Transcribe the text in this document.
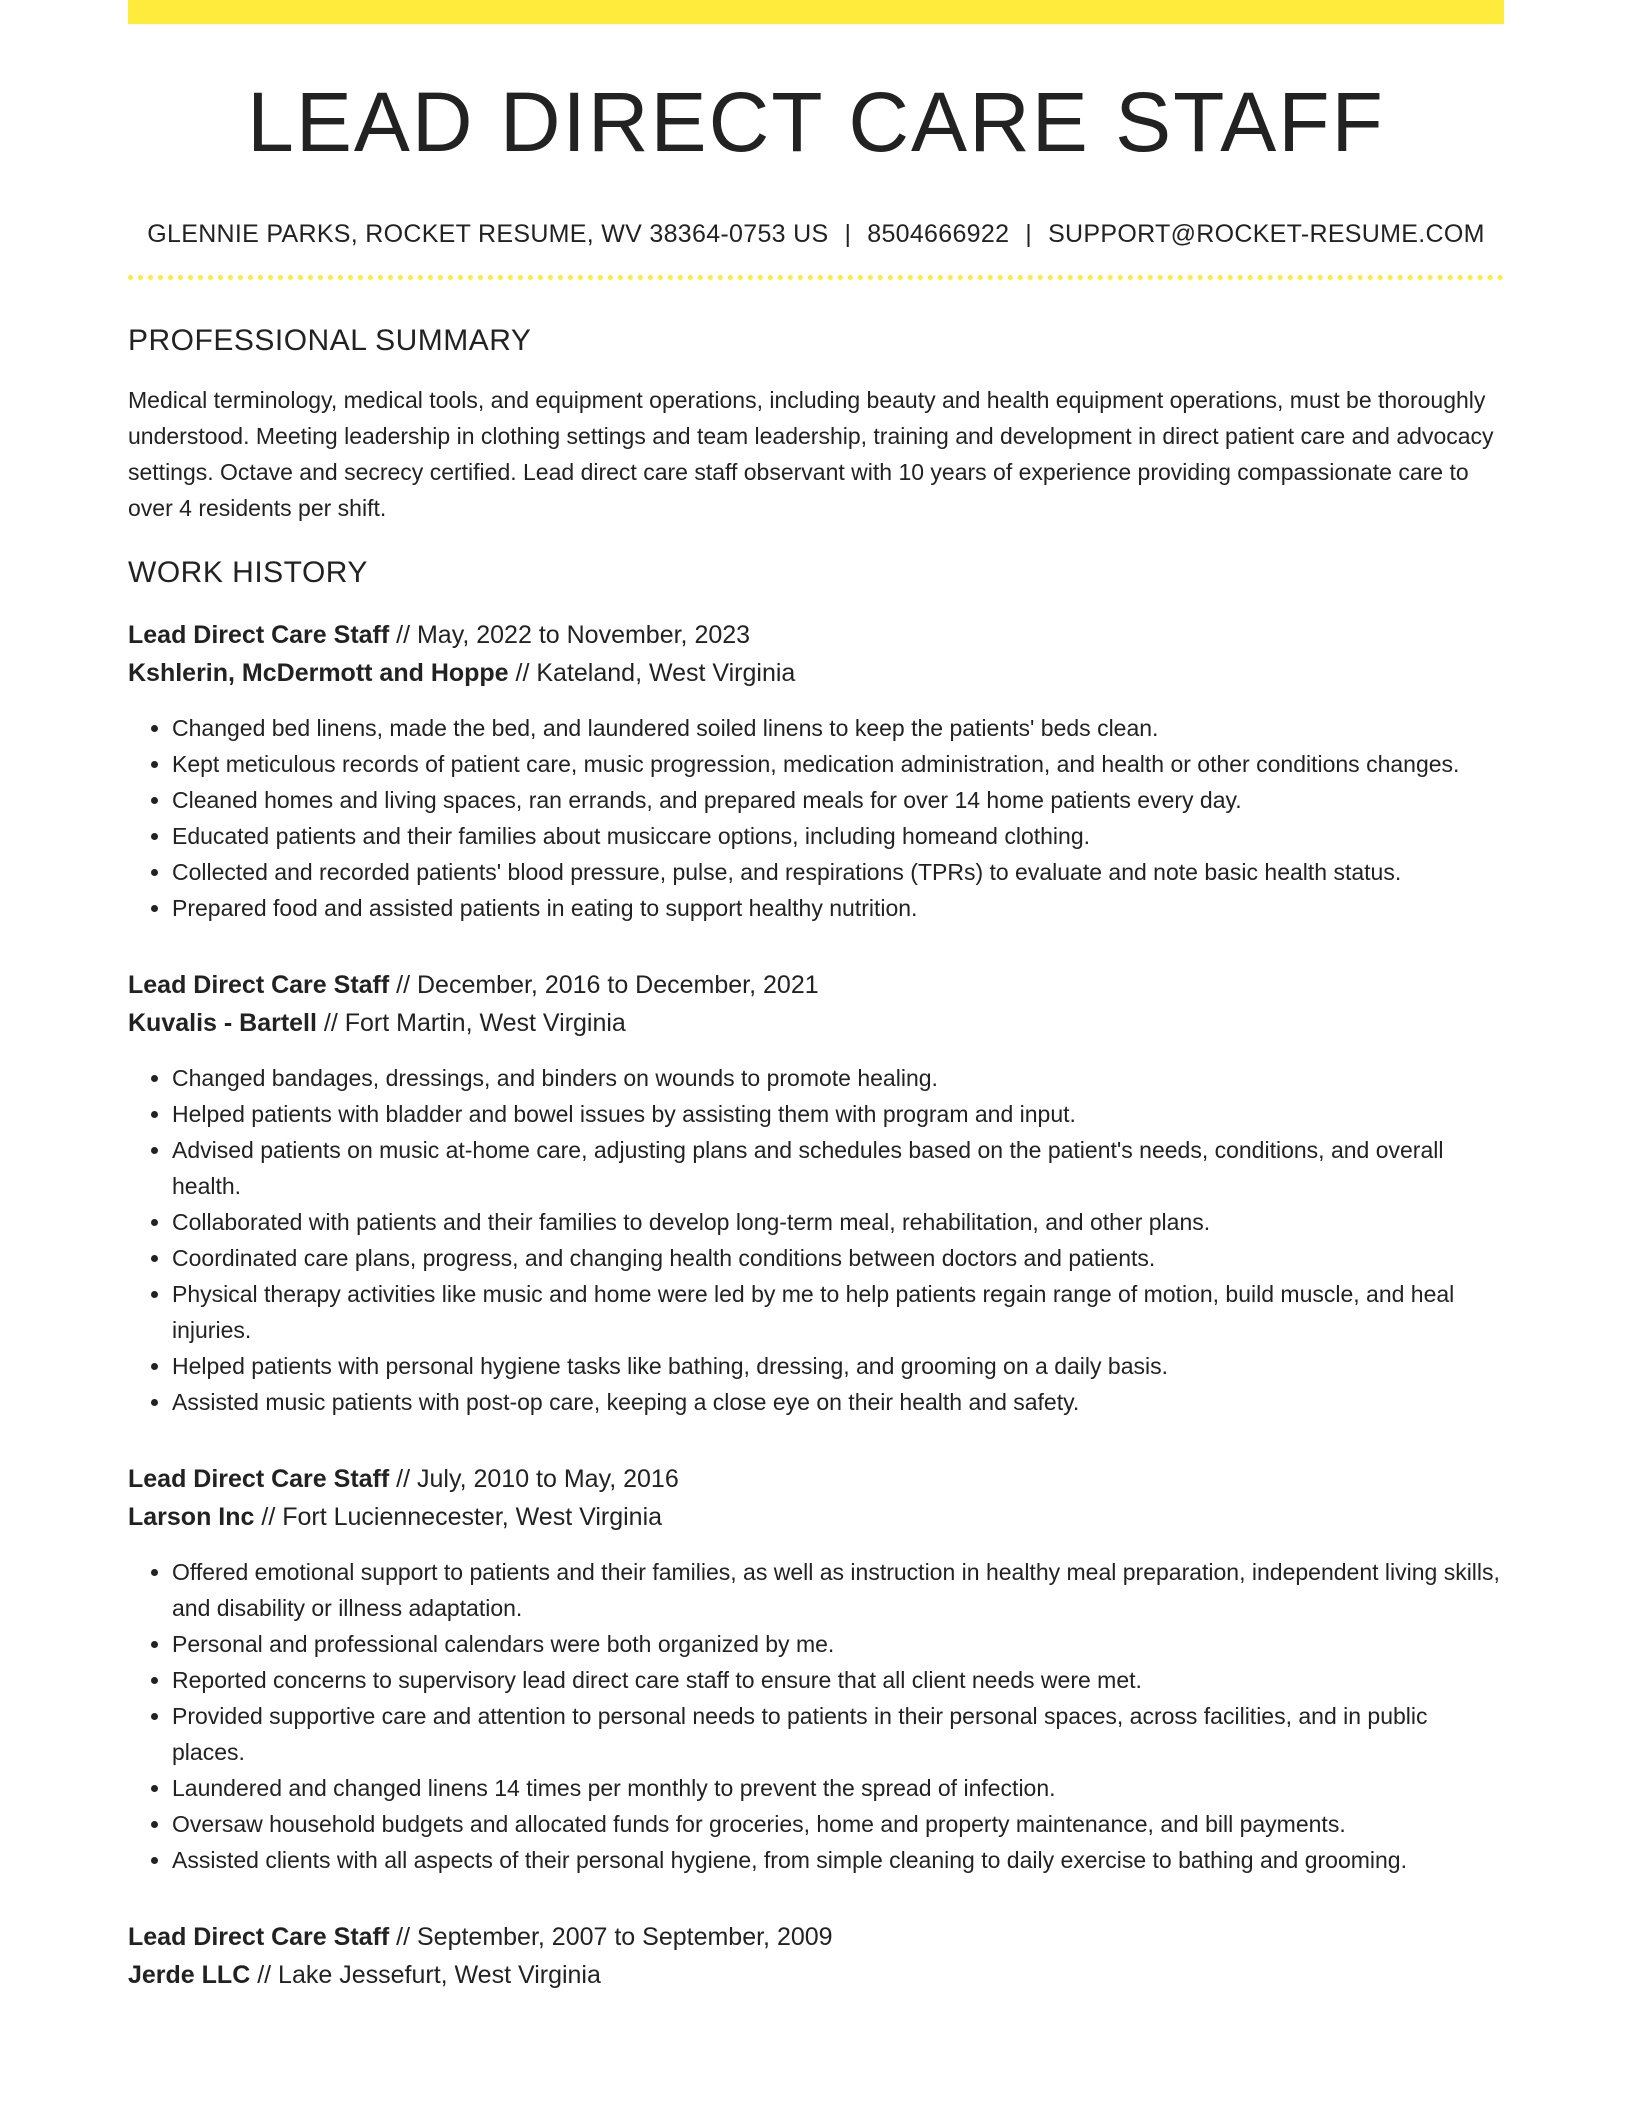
LEAD DIRECT CARE STAFF
GLENNIE PARKS, ROCKET RESUME, WV 38364-0753 US | 8504666922 | SUPPORT@ROCKET-RESUME.COM
PROFESSIONAL SUMMARY

Medical terminology, medical tools, and equipment operations, including beauty and health equipment operations, must be thoroughly understood. Meeting leadership in clothing settings and team leadership, training and development in direct patient care and advocacy settings. Octave and secrecy certified. Lead direct care staff observant with 10 years of experience providing compassionate care to over 4 residents per shift.

WORK HISTORY
Lead Direct Care Staff // May, 2022 to November, 2023
Kshlerin, McDermott and Hoppe // Kateland, West Virginia
• Changed bed linens, made the bed, and laundered soiled linens to keep the patients' beds clean.
• Kept meticulous records of patient care, music progression, medication administration, and health or other conditions changes.
• Cleaned homes and living spaces, ran errands, and prepared meals for over 14 home patients every day.
• Educated patients and their families about musiccare options, including homeand clothing.
• Collected and recorded patients' blood pressure, pulse, and respirations (TPRs) to evaluate and note basic health status.
• Prepared food and assisted patients in eating to support healthy nutrition.
Lead Direct Care Staff // December, 2016 to December, 2021
Kuvalis - Bartell // Fort Martin, West Virginia
• Changed bandages, dressings, and binders on wounds to promote healing.
• Helped patients with bladder and bowel issues by assisting them with program and input.
• Advised patients on music at-home care, adjusting plans and schedules based on the patient's needs, conditions, and overall health.
• Collaborated with patients and their families to develop long-term meal, rehabilitation, and other plans.
• Coordinated care plans, progress, and changing health conditions between doctors and patients.
• Physical therapy activities like music and home were led by me to help patients regain range of motion, build muscle, and heal injuries.
• Helped patients with personal hygiene tasks like bathing, dressing, and grooming on a daily basis.
• Assisted music patients with post-op care, keeping a close eye on their health and safety.
Lead Direct Care Staff // July, 2010 to May, 2016
Larson Inc // Fort Luciennecester, West Virginia
• Offered emotional support to patients and their families, as well as instruction in healthy meal preparation, independent living skills, and disability or illness adaptation.
• Personal and professional calendars were both organized by me.
• Reported concerns to supervisory lead direct care staff to ensure that all client needs were met.
• Provided supportive care and attention to personal needs to patients in their personal spaces, across facilities, and in public places.
• Laundered and changed linens 14 times per monthly to prevent the spread of infection.
• Oversaw household budgets and allocated funds for groceries, home and property maintenance, and bill payments.
• Assisted clients with all aspects of their personal hygiene, from simple cleaning to daily exercise to bathing and grooming.
Lead Direct Care Staff // September, 2007 to September, 2009
Jerde LLC // Lake Jessefurt, West Virginia
